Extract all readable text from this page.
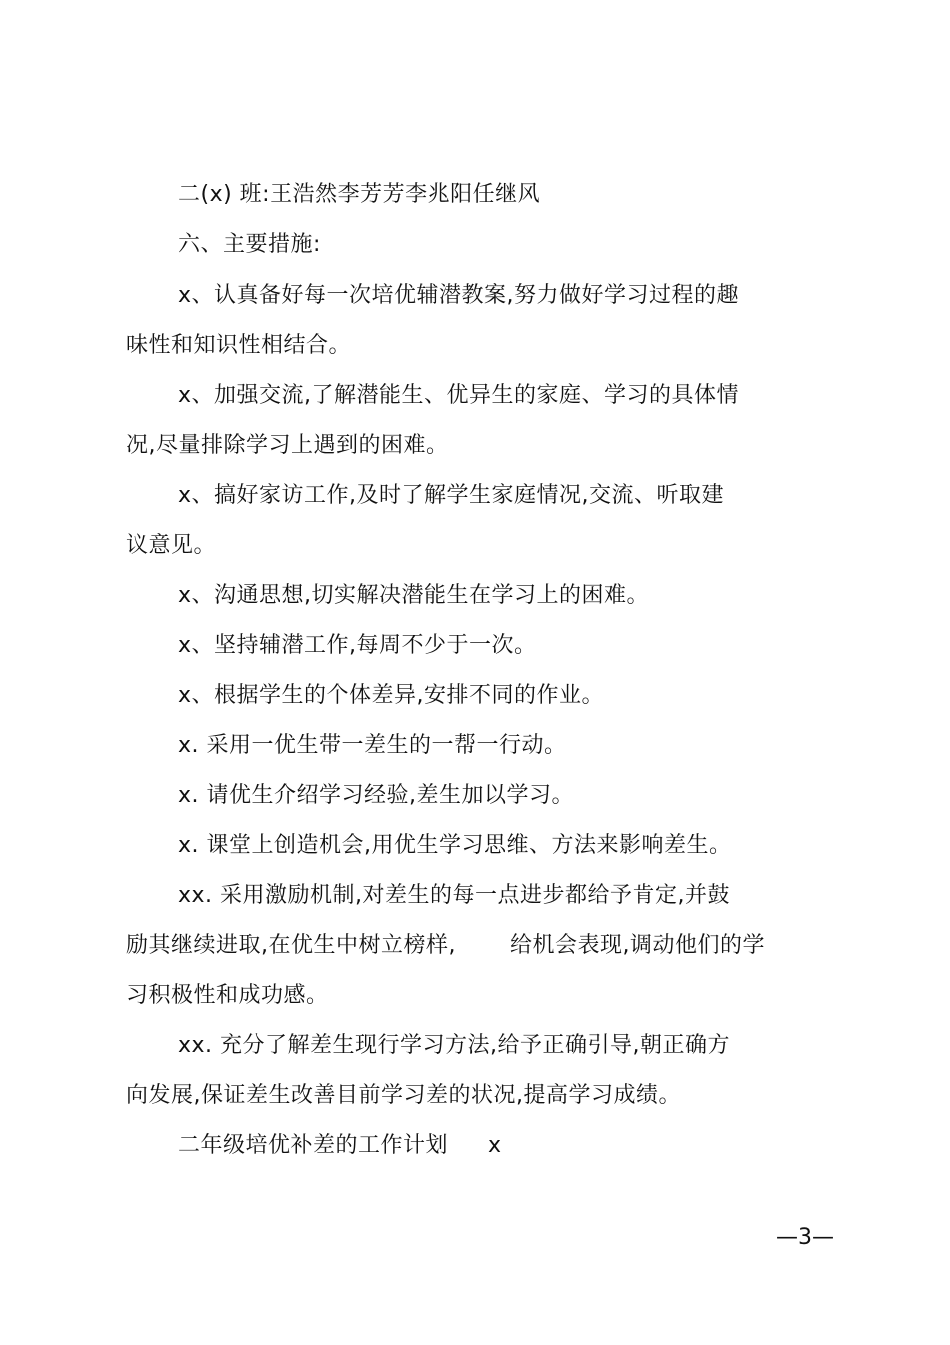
二(x) 班:王浩然李芳芳李兆阳任继风
六、主要措施:
x、认真备好每一次培优辅潜教案,努力做好学习过程的趣
味性和知识性相结合。
x、加强交流,了解潜能生、优异生的家庭、学习的具体情
况,尽量排除学习上遇到的困难。
x、搞好家访工作,及时了解学生家庭情况,交流、听取建
议意见。
x、沟通思想,切实解决潜能生在学习上的困难。
x、坚持辅潜工作,每周不少于一次。
x、根据学生的个体差异,安排不同的作业。
x. 采用一优生带一差生的一帮一行动。
x. 请优生介绍学习经验,差生加以学习。
x. 课堂上创造机会,用优生学习思维、方法来影响差生。
xx. 采用激励机制,对差生的每一点进步都给予肯定,并鼓
励其继续进取,在优生中树立榜样, 给机会表现,调动他们的学
习积极性和成功感。
xx. 充分了解差生现行学习方法,给予正确引导,朝正确方
向发展,保证差生改善目前学习差的状况,提高学习成绩。
二年级培优补差的工作计划 x
—3—
